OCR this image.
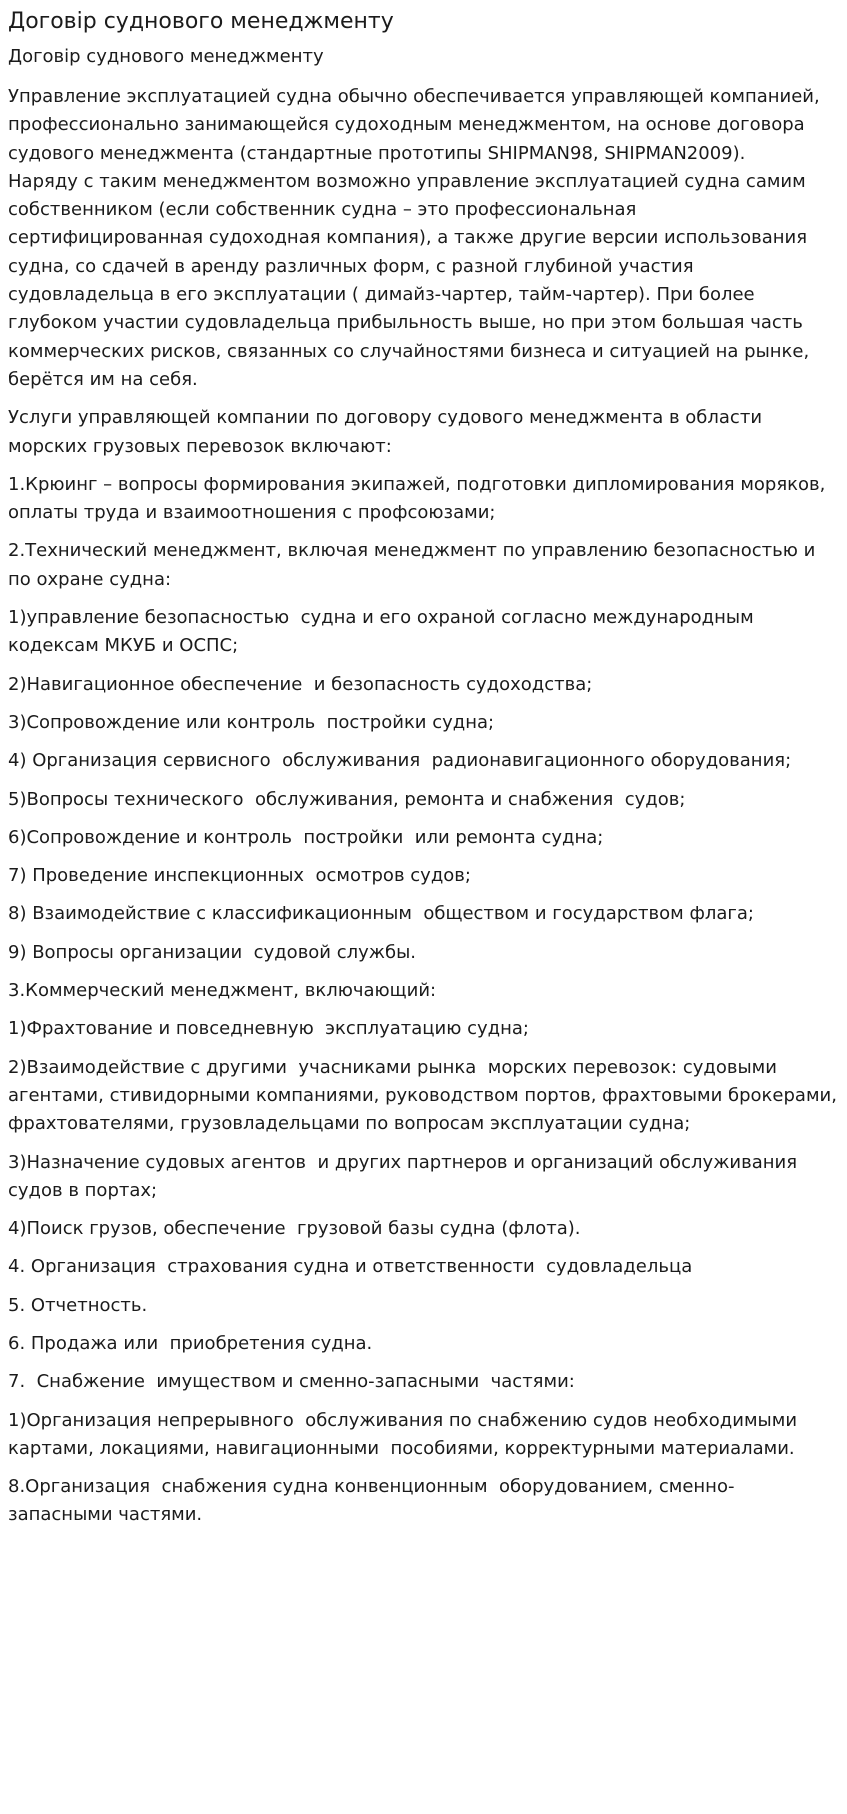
Договір суднового менеджменту
Договір суднового менеджменту

Управление эксплуатацией судна обычно обеспечивается управляющей компанией, профессионально занимающейся судоходным менеджментом, на основе договора судового менеджмента (стандартные прототипы SHIPMAN98, SHIPMAN2009).

Наряду с таким менеджментом возможно управление эксплуатацией судна самим собственником (если собственник судна – это профессиональная сертифицированная судоходная компания), а также другие версии использования судна, со сдачей в аренду различных форм, с разной глубиной участия судовладельца в его эксплуатации ( димайз-чартер, тайм-чартер). При более глубоком участии судовладельца прибыльность выше, но при этом большая часть коммерческих рисков, связанных со случайностями бизнеса и ситуацией на рынке, берётся им на себя.

Услуги управляющей компании по договору судового менеджмента в области морских грузовых перевозок включают:

1.Крюинг – вопросы формирования экипажей, подготовки дипломирования моряков, оплаты труда и взаимоотношения с профсоюзами;

2.Технический менеджмент, включая менеджмент по управлению безопасностью и по охране судна:

1)управление безопасностью  судна и его охраной согласно международным кодексам МКУБ и ОСПС;

2)Навигационное обеспечение  и безопасность судоходства;

3)Сопровождение или контроль  постройки судна;

4) Организация сервисного  обслуживания  радионавигационного оборудования;

5)Вопросы технического  обслуживания, ремонта и снабжения  судов;

6)Сопровождение и контроль  постройки  или ремонта судна;

7) Проведение инспекционных  осмотров судов;

8) Взаимодействие с классификационным  обществом и государством флага;

9) Вопросы организации  судовой службы.

3.Коммерческий менеджмент, включающий:

1)Фрахтование и повседневную  эксплуатацию судна;

2)Взаимодействие с другими  учасниками рынка  морских перевозок: судовыми агентами, стивидорными компаниями, руководством портов, фрахтовыми брокерами, фрахтователями, грузовладельцами по вопросам эксплуатации судна;

3)Назначение судовых агентов  и других партнеров и организаций обслуживания судов в портах;

4)Поиск грузов, обеспечение  грузовой базы судна (флота).

4. Организация  страхования судна и ответственности  судовладельца

5. Отчетность.

6. Продажа или  приобретения судна.

7.  Снабжение  имуществом и сменно-запасными  частями:

1)Организация непрерывного  обслуживания по снабжению судов необходимыми картами, локациями, навигационными  пособиями, корректурными материалами.

8.Организация  снабжения судна конвенционным  оборудованием, сменно-запасными частями.
